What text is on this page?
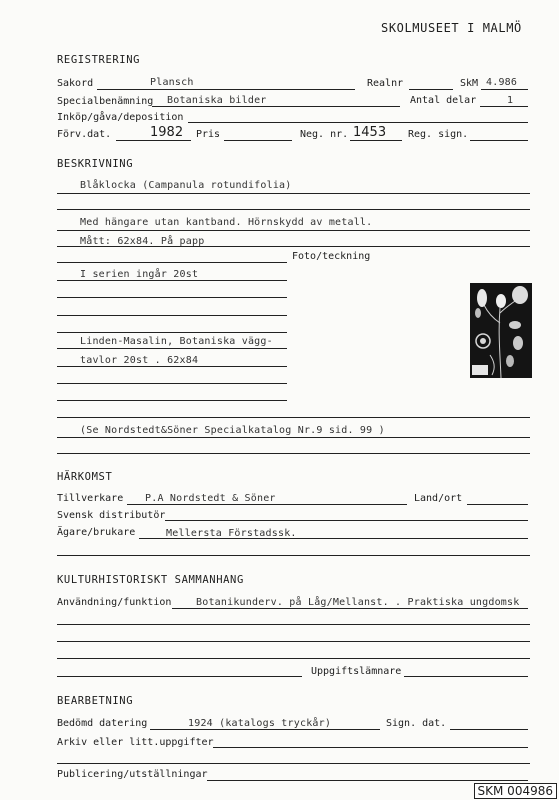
SKOLMUSEET I MALMÖ
REGISTRERING
Sakord	Plansch	Realnr	SkM 4.986
Specialbenämning Botaniska bilder	Antal delar	1
Inköp/gåva/deposition
Förv.dat.	1982 Pris	Neg. nr. 1453 Reg. sign.
BESKRIVNING
Blåklocka (Campanula rotundifolia)
Med hängare utan kantband. Hörnskydd av metall.
Mått: 62x84. På papp
Foto/teckning
I serien ingår 20st
Linden-Masalin, Botaniska vägg-
tavlor 20st . 62x84
(Se Nordstedt&Söner Specialkatalog Nr.9 sid. 99 )
HÄRKOMST
Tillverkare P.A Nordstedt & Söner	Land/ort
Svensk distributör
Ägare/brukare	Mellersta Förstadssk.
KULTURHISTORISKT SAMMANHANG
Användning/funktion Botanikunderv. på Låg/Mellanst. . Praktiska ungdomsk
Uppgiftslämnare
BEARBETNING
Bedömd datering	1924 (katalogs tryckår)	Sign. dat.
Arkiv eller litt.uppgifter
Publicering/utställningar
SKM 004986
